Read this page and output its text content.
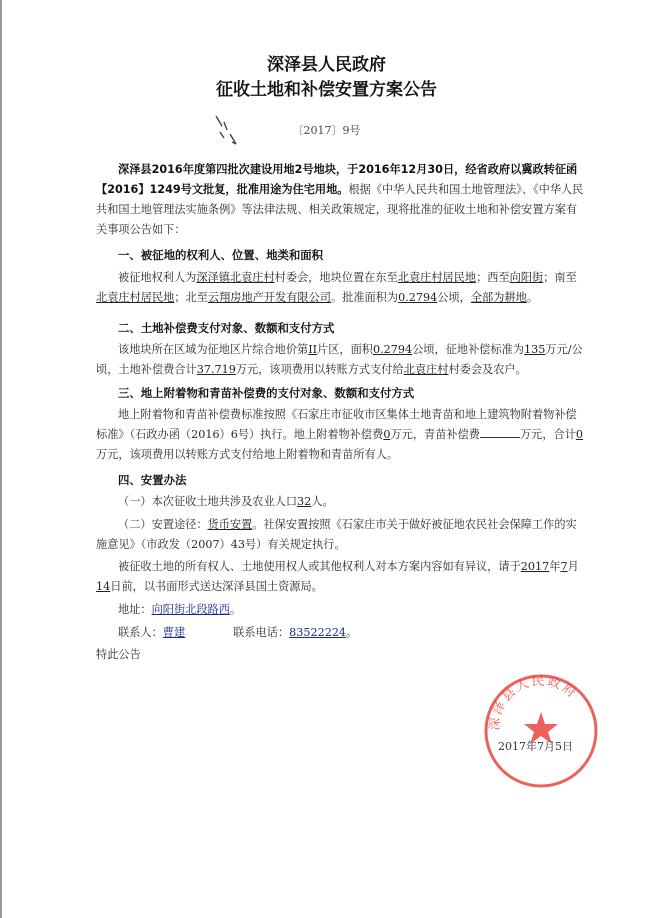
深泽县人民政府
征收土地和补偿安置方案公告
〔2017〕9号
深泽县2016年度第四批次建设用地2号地块，于2016年12月30日，经省政府以冀政转征函【2016】1249号文批复，批准用途为住宅用地。根据《中华人民共和国土地管理法》、《中华人民共和国土地管理法实施条例》等法律法规、相关政策规定，现将批准的征收土地和补偿安置方案有关事项公告如下：
一、被征地的权利人、位置、地类和面积
被征地权利人为深泽镇北袁庄村村委会，地块位置在东至北袁庄村居民地；西至向阳街；南至北袁庄村居民地；北至云翔房地产开发有限公司。批准面积为0.2794公顷，全部为耕地。
二、土地补偿费支付对象、数额和支付方式
该地块所在区域为征地区片综合地价第II片区，面积0.2794公顷，征地补偿标准为135万元/公顷，土地补偿费合计37.719万元，该项费用以转账方式支付给北袁庄村村委会及农户。
三、地上附着物和青苗补偿费的支付对象、数额和支付方式
地上附着物和青苗补偿费标准按照《石家庄市征收市区集体土地青苗和地上建筑物附着物补偿标准》（石政办函（2016）6号）执行。地上附着物补偿费0万元，青苗补偿费	万元，合计0万元，该项费用以转账方式支付给地上附着物和青苗所有人。
四、安置办法
（一）本次征收土地共涉及农业人口32人。
（二）安置途径：货币安置。社保安置按照《石家庄市关于做好被征地农民社会保障工作的实施意见》（市政发（2007）43号）有关规定执行。
被征收土地的所有权人、土地使用权人或其他权利人对本方案内容如有异议，请于2017年7月14日前，以书面形式送达深泽县国土资源局。
地址：向阳街北段路西。
联系人：曹建	联系电话：83522224。
特此公告
深泽县人民政府
2017年7月5日
